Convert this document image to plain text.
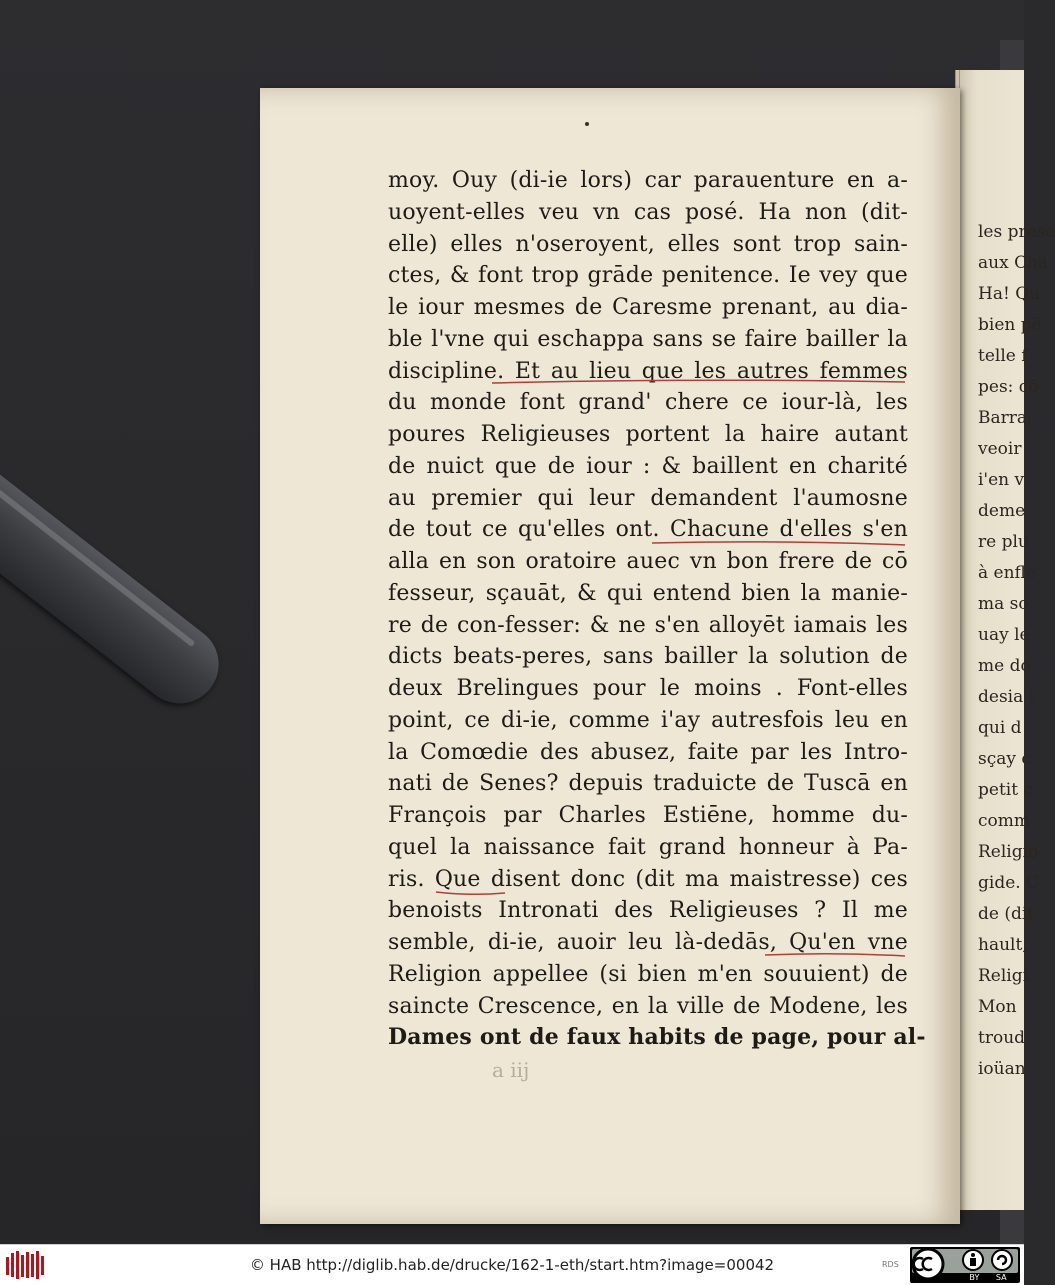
les prese
aux Cha
Ha! Qu
bien pē
telle f
pes: cō
Barra
veoir
i'en v
deme
re plu
à enfle
ma so
uay le
me do
desia i
qui d
sçay c
petit c
comm
Religio
gide. C
de (dit
hault,
Religi
Mon
troud
ioüan
moy. Ouy (di-ie lors) car parauenture en a-
uoyent-elles veu vn cas posé. Ha non (dit-
elle) elles n'oseroyent, elles sont trop sain-
ctes, & font trop grāde penitence. Ie vey que
le iour mesmes de Caresme prenant, au dia-
ble l'vne qui eschappa sans se faire bailler la
discipline. Et au lieu que les autres femmes
du monde font grand' chere ce iour-là, les
poures Religieuses portent la haire autant
de nuict que de iour : & baillent en charité
au premier qui leur demandent l'aumosne
de tout ce qu'elles ont. Chacune d'elles s'en
alla en son oratoire auec vn bon frere de cō
fesseur, sçauāt, & qui entend bien la manie-
re de con-fesser: & ne s'en alloyēt iamais les
dicts beats-peres, sans bailler la solution de
deux Brelingues pour le moins . Font-elles
point, ce di-ie, comme i'ay autresfois leu en
la Comœdie des abusez, faite par les Intro-
nati de Senes? depuis traduicte de Tuscā en
François par Charles Estiēne, homme du-
quel la naissance fait grand honneur à Pa-
ris. Que disent donc (dit ma maistresse) ces
benoists Intronati des Religieuses ? Il me
semble, di-ie, auoir leu là-dedās, Qu'en vne
Religion appellee (si bien m'en souuient) de
saincte Crescence, en la ville de Modene, les
Dames ont de faux habits de page, pour al-
a iij
© HAB http://diglib.hab.de/drucke/162-1-eth/start.htm?image=00042	RDS
BY SA
